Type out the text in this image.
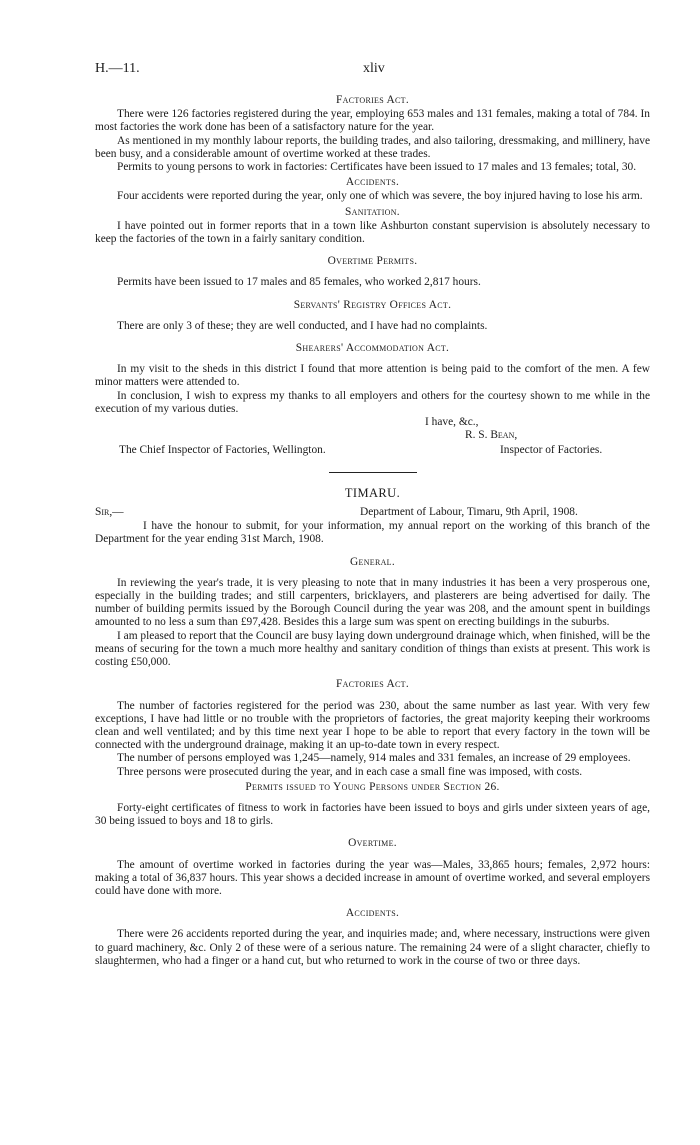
H.—11.	xliv
Factories Act.

There were 126 factories registered during the year, employing 653 males and 131 females, making a total of 784. In most factories the work done has been of a satisfactory nature for the year.

As mentioned in my monthly labour reports, the building trades, and also tailoring, dressmaking, and millinery, have been busy, and a considerable amount of overtime worked at these trades.

Permits to young persons to work in factories: Certificates have been issued to 17 males and 13 females; total, 30.

Accidents.

Four accidents were reported during the year, only one of which was severe, the boy injured having to lose his arm.

Sanitation.

I have pointed out in former reports that in a town like Ashburton constant supervision is absolutely necessary to keep the factories of the town in a fairly sanitary condition.

Overtime Permits.

Permits have been issued to 17 males and 85 females, who worked 2,817 hours.

Servants' Registry Offices Act.

There are only 3 of these; they are well conducted, and I have had no complaints.

Shearers' Accommodation Act.

In my visit to the sheds in this district I found that more attention is being paid to the comfort of the men. A few minor matters were attended to.

In conclusion, I wish to express my thanks to all employers and others for the courtesy shown to me while in the execution of my various duties.

I have, &c.,
R. S. Bean,
The Chief Inspector of Factories, Wellington.	Inspector of Factories.
TIMARU.
Sir,—	Department of Labour, Timaru, 9th April, 1908.

I have the honour to submit, for your information, my annual report on the working of this branch of the Department for the year ending 31st March, 1908.

General.

In reviewing the year's trade, it is very pleasing to note that in many industries it has been a very prosperous one, especially in the building trades; and still carpenters, bricklayers, and plasterers are being advertised for daily. The number of building permits issued by the Borough Council during the year was 208, and the amount spent in buildings amounted to no less a sum than £97,428. Besides this a large sum was spent on erecting buildings in the suburbs.

I am pleased to report that the Council are busy laying down underground drainage which, when finished, will be the means of securing for the town a much more healthy and sanitary condition of things than exists at present. This work is costing £50,000.

Factories Act.

The number of factories registered for the period was 230, about the same number as last year. With very few exceptions, I have had little or no trouble with the proprietors of factories, the great majority keeping their workrooms clean and well ventilated; and by this time next year I hope to be able to report that every factory in the town will be connected with the underground drainage, making it an up-to-date town in every respect.

The number of persons employed was 1,245—namely, 914 males and 331 females, an increase of 29 employees.

Three persons were prosecuted during the year, and in each case a small fine was imposed, with costs.

Permits issued to Young Persons under Section 26.

Forty-eight certificates of fitness to work in factories have been issued to boys and girls under sixteen years of age, 30 being issued to boys and 18 to girls.

Overtime.

The amount of overtime worked in factories during the year was—Males, 33,865 hours; females, 2,972 hours: making a total of 36,837 hours. This year shows a decided increase in amount of overtime worked, and several employers could have done with more.

Accidents.

There were 26 accidents reported during the year, and inquiries made; and, where necessary, instructions were given to guard machinery, &c. Only 2 of these were of a serious nature. The remaining 24 were of a slight character, chiefly to slaughtermen, who had a finger or a hand cut, but who returned to work in the course of two or three days.
